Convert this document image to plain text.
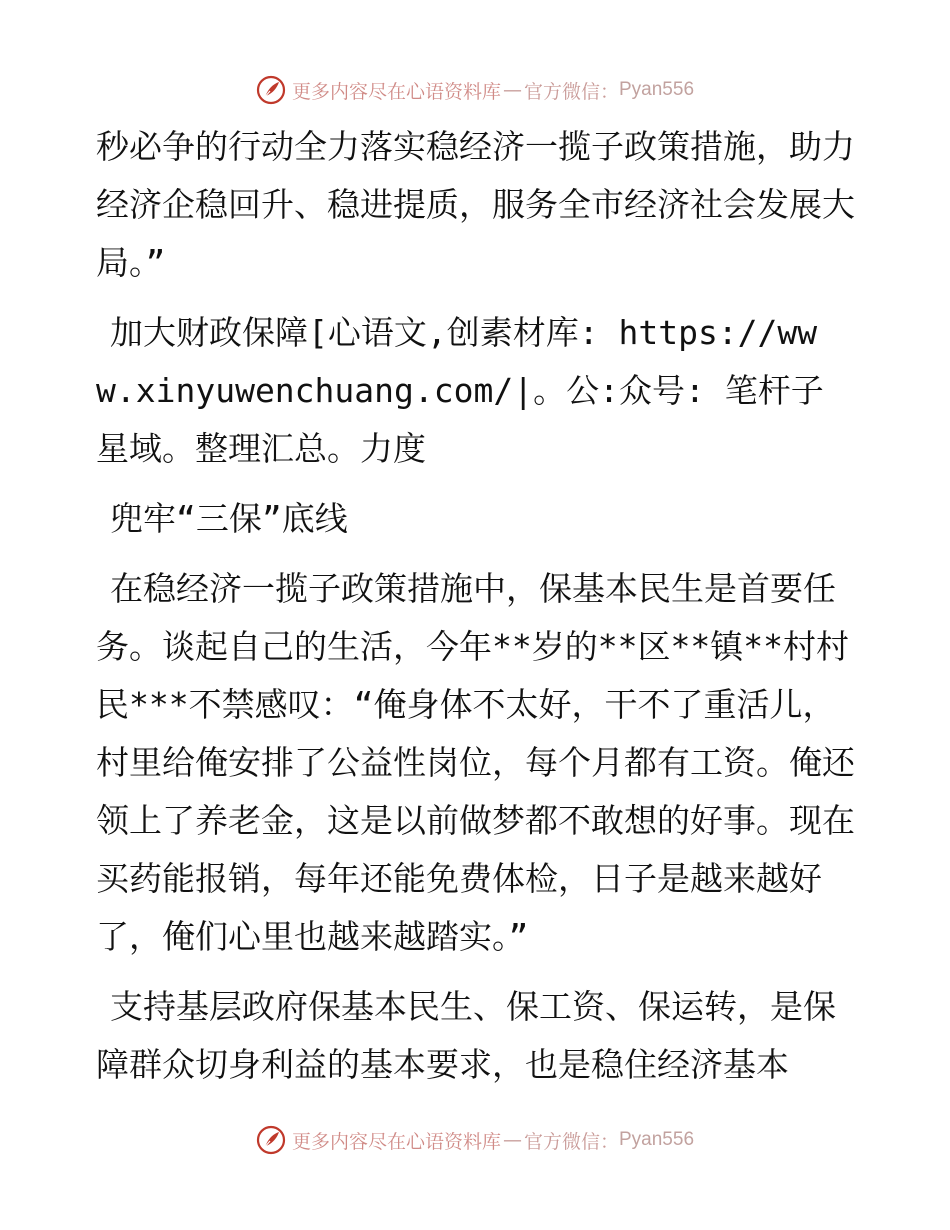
更多内容尽在心语资料库 — 官方微信： Pyan556

秒必争的行动全力落实稳经济一揽子政策措施，助力经济企稳回升、稳进提质，服务全市经济社会发展大局。”

加大财政保障[心语文,创素材库: https://www.xinyuwenchuang.com/|。公:众号: 笔杆子星域。整理汇总。力度

兜牢“三保”底线

在稳经济一揽子政策措施中，保基本民生是首要任务。谈起自己的生活，今年**岁的**区**镇**村村民***不禁感叹：“俺身体不太好，干不了重活儿，村里给俺安排了公益性岗位，每个月都有工资。俺还领上了养老金，这是以前做梦都不敢想的好事。现在买药能报销，每年还能免费体检，日子是越来越好了，俺们心里也越来越踏实。”

支持基层政府保基本民生、保工资、保运转，是保障群众切身利益的基本要求，也是稳住经济基本

更多内容尽在心语资料库 — 官方微信： Pyan556
